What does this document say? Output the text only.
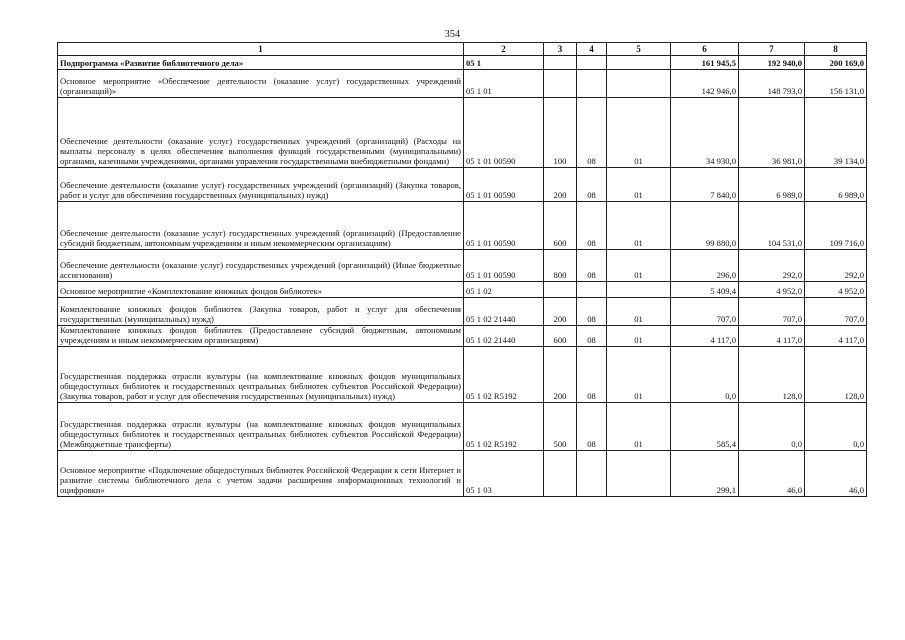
354
1	2	3	4	5	6	7	8
Подпрограмма «Развитие библиотечного дела»	05 1				161 945,5	192 940,0	200 169,0
Основное мероприятие «Обеспечение деятельности (оказание услуг) государственных учреждений (организаций)»	05 1 01				142 946,0	148 793,0	156 131,0
Обеспечение деятельности (оказание услуг) государственных учреждений (организаций) (Расходы на выплаты персоналу в целях обеспечения выполнения функций государственными (муниципальными) органами, казенными учреждениями, органами управления государственными внебюджетными фондами)	05 1 01 00590	100	08	01	34 930,0	36 981,0	39 134,0
Обеспечение деятельности (оказание услуг) государственных учреждений (организаций) (Закупка товаров, работ и услуг для обеспечения государственных (муниципальных) нужд)	05 1 01 00590	200	08	01	7 840,0	6 989,0	6 989,0
Обеспечение деятельности (оказание услуг) государственных учреждений (организаций) (Предоставление субсидий бюджетным, автономным учреждениям и иным некоммерческим организациям)	05 1 01 00590	600	08	01	99 880,0	104 531,0	109 716,0
Обеспечение деятельности (оказание услуг) государственных учреждений (организаций) (Иные бюджетные ассигнования)	05 1 01 00590	800	08	01	296,0	292,0	292,0
Основное мероприятие «Комплектование книжных фондов библиотек»	05 1 02				5 409,4	4 952,0	4 952,0
Комплектование книжных фондов библиотек (Закупка товаров, работ и услуг для обеспечения государственных (муниципальных) нужд)	05 1 02 21440	200	08	01	707,0	707,0	707,0
Комплектование книжных фондов библиотек (Предоставление субсидий бюджетным, автономным учреждениям и иным некоммерческим организациям)	05 1 02 21440	600	08	01	4 117,0	4 117,0	4 117,0
Государственная поддержка отрасли культуры (на комплектование книжных фондов муниципальных общедоступных библиотек и государственных центральных библиотек субъектов Российской Федерации) (Закупка товаров, работ и услуг для обеспечения государственных (муниципальных) нужд)	05 1 02 R5192	200	08	01	0,0	128,0	128,0
Государственная поддержка отрасли культуры (на комплектование книжных фондов муниципальных общедоступных библиотек и государственных центральных библиотек субъектов Российской Федерации) (Межбюджетные трансферты)	05 1 02 R5192	500	08	01	585,4	0,0	0,0
Основное мероприятие «Подключение общедоступных библиотек Российской Федерации к сети Интернет и развитие системы библиотечного дела с учетом задачи расширения информационных технологий и оцифровки»	05 1 03				299,1	46,0	46,0
